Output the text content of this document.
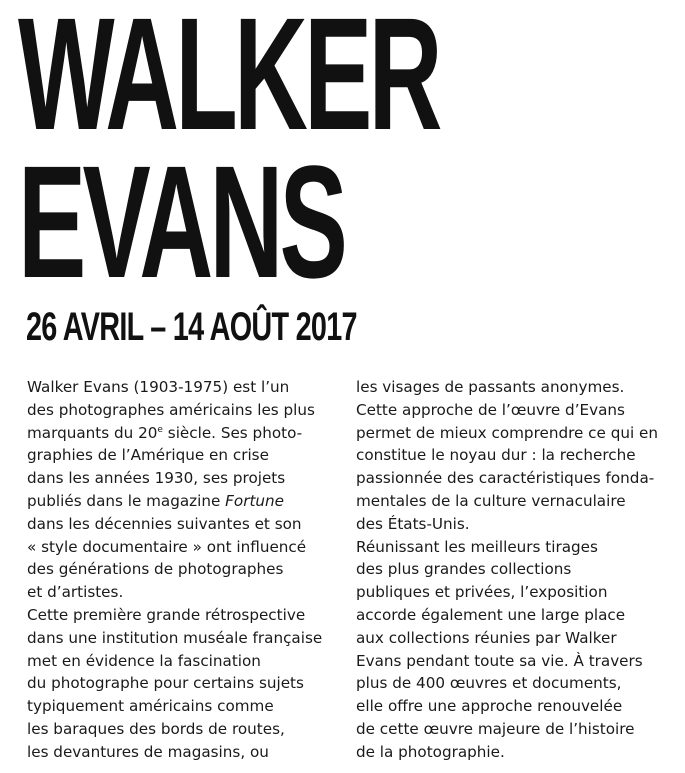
WALKER
EVANS
26 AVRIL – 14 AOÛT 2017
Walker Evans (1903-1975) est l’un
des photographes américains les plus
marquants du 20e siècle. Ses photo-
graphies de l’Amérique en crise
dans les années 1930, ses projets
publiés dans le magazine Fortune
dans les décennies suivantes et son
« style documentaire » ont influencé
des générations de photographes
et d’artistes.
Cette première grande rétrospective
dans une institution muséale française
met en évidence la fascination
du photographe pour certains sujets
typiquement américains comme
les baraques des bords de routes,
les devantures de magasins, ou
les visages de passants anonymes.
Cette approche de l’œuvre d’Evans
permet de mieux comprendre ce qui en
constitue le noyau dur : la recherche
passionnée des caractéristiques fonda-
mentales de la culture vernaculaire
des États-Unis.
Réunissant les meilleurs tirages
des plus grandes collections
publiques et privées, l’exposition
accorde également une large place
aux collections réunies par Walker
Evans pendant toute sa vie. À travers
plus de 400 œuvres et documents,
elle offre une approche renouvelée
de cette œuvre majeure de l’histoire
de la photographie.
